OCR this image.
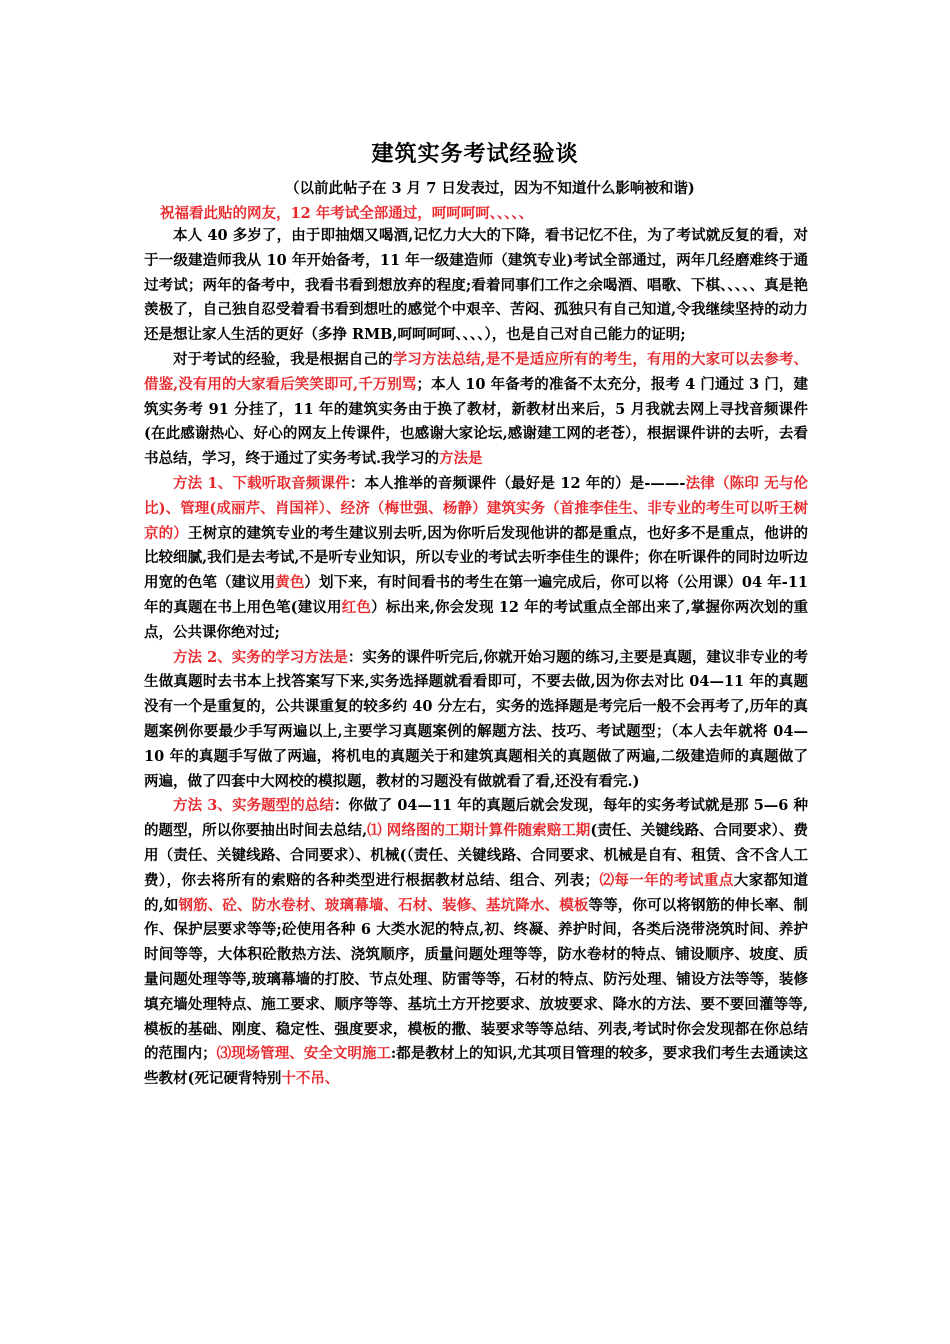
建筑实务考试经验谈
（以前此帖子在 3 月 7 日发表过，因为不知道什么影响被和谐)
祝福看此贴的网友，12 年考试全部通过，呵呵呵呵、、、、、

本人 40 多岁了，由于即抽烟又喝酒,记忆力大大的下降，看书记忆不住，为了考试就反复的看，对于一级建造师我从 10 年开始备考，11 年一级建造师（建筑专业)考试全部通过，两年几经磨难终于通过考试；两年的备考中，我看书看到想放弃的程度;看着同事们工作之余喝酒、唱歌、下棋、、、、、真是艳羡极了，自己独自忍受着看书看到想吐的感觉个中艰辛、苦闷、孤独只有自己知道,令我继续坚持的动力还是想让家人生活的更好（多挣 RMB,呵呵呵呵、、、、），也是自己对自己能力的证明;

对于考试的经验，我是根据自己的学习方法总结,是不是适应所有的考生，有用的大家可以去参考、借鉴,没有用的大家看后笑笑即可,千万别骂；本人 10 年备考的准备不太充分，报考 4 门通过 3 门，建筑实务考 91 分挂了，11 年的建筑实务由于换了教材，新教材出来后，5 月我就去网上寻找音频课件(在此感谢热心、好心的网友上传课件，也感谢大家论坛,感谢建工网的老苍），根据课件讲的去听，去看书总结，学习，终于通过了实务考试.我学习的方法是

方法 1、下载听取音频课件：本人推举的音频课件（最好是 12 年的）是-——-法律（陈印 无与伦比)、管理(成丽芹、肖国祥）、经济（梅世强、杨静）建筑实务（首推李佳生、非专业的考生可以听王树京的）王树京的建筑专业的考生建议别去听,因为你听后发现他讲的都是重点，也好多不是重点，他讲的比较细腻,我们是去考试,不是听专业知识，所以专业的考试去听李佳生的课件；你在听课件的同时边听边用宽的色笔（建议用黄色）划下来，有时间看书的考生在第一遍完成后，你可以将（公用课）04 年-11 年的真题在书上用色笔(建议用红色）标出来,你会发现 12 年的考试重点全部出来了,掌握你两次划的重点，公共课你绝对过;

方法 2、实务的学习方法是：实务的课件听完后,你就开始习题的练习,主要是真题，建议非专业的考生做真题时去书本上找答案写下来,实务选择题就看看即可，不要去做,因为你去对比 04—11 年的真题没有一个是重复的，公共课重复的较多约 40 分左右，实务的选择题是考完后一般不会再考了,历年的真题案例你要最少手写两遍以上,主要学习真题案例的解题方法、技巧、考试题型；（本人去年就将 04—10 年的真题手写做了两遍，将机电的真题关于和建筑真题相关的真题做了两遍,二级建造师的真题做了两遍，做了四套中大网校的模拟题，教材的习题没有做就看了看,还没有看完.)

方法 3、实务题型的总结：你做了 04—11 年的真题后就会发现，每年的实务考试就是那 5—6 种的题型，所以你要抽出时间去总结,⑴ 网络图的工期计算件随索赔工期(责任、关键线路、合同要求）、费用（责任、关键线路、合同要求）、机械(（责任、关键线路、合同要求、机械是自有、租赁、含不含人工费），你去将所有的索赔的各种类型进行根据教材总结、组合、列表；⑵每一年的考试重点大家都知道的,如钢筋、砼、防水卷材、玻璃幕墙、石材、装修、基坑降水、模板等等，你可以将钢筋的伸长率、制作、保护层要求等等;砼使用各种 6 大类水泥的特点,初、终凝、养护时间，各类后浇带浇筑时间、养护时间等等，大体积砼散热方法、浇筑顺序，质量问题处理等等，防水卷材的特点、铺设顺序、坡度、质量问题处理等等,玻璃幕墙的打胶、节点处理、防雷等等，石材的特点、防污处理、铺设方法等等，装修填充墙处理特点、施工要求、顺序等等、基坑土方开挖要求、放坡要求、降水的方法、要不要回灌等等,模板的基础、刚度、稳定性、强度要求，模板的撒、装要求等等总结、列表,考试时你会发现都在你总结的范围内；⑶现场管理、安全文明施工:都是教材上的知识,尤其项目管理的较多，要求我们考生去通读这些教材(死记硬背特别十不吊、
